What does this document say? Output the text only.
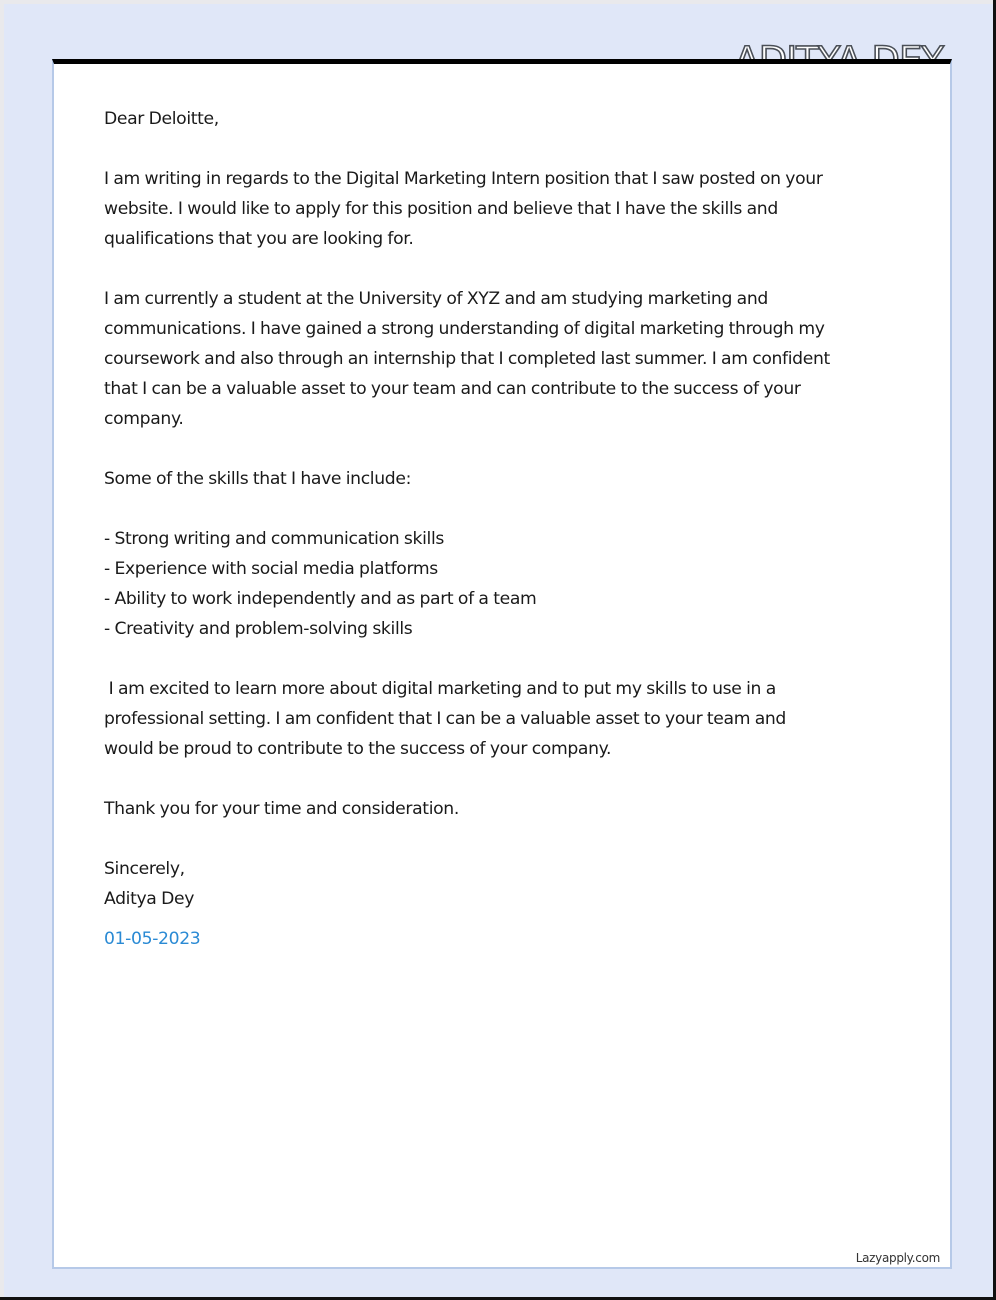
Dear Deloitte,

I am writing in regards to the Digital Marketing Intern position that I saw posted on your
website. I would like to apply for this position and believe that I have the skills and
qualifications that you are looking for.

I am currently a student at the University of XYZ and am studying marketing and
communications. I have gained a strong understanding of digital marketing through my
coursework and also through an internship that I completed last summer. I am confident
that I can be a valuable asset to your team and can contribute to the success of your
company.

Some of the skills that I have include:

- Strong writing and communication skills
- Experience with social media platforms
- Ability to work independently and as part of a team
- Creativity and problem-solving skills

I am excited to learn more about digital marketing and to put my skills to use in a
professional setting. I am confident that I can be a valuable asset to your team and
would be proud to contribute to the success of your company.

Thank you for your time and consideration.

Sincerely,
Aditya Dey

01-05-2023
Lazyapply.com
